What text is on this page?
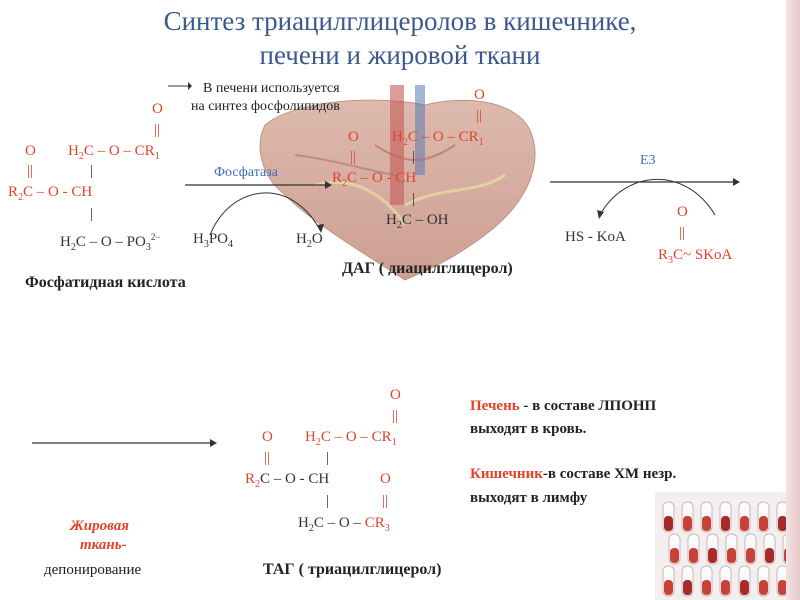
Синтез триацилглицеролов в кишечнике,
печени и жировой ткани
В печени используется
на синтез фосфолипидов
O
||
O $H_2C$ – O – $CR_1$
||	|
$R_2C$ – O - CH
|
$H_2C$ – O – $PO_3^{2-}$
Фосфатидная кислота
Фосфатаза
$H_3PO_4$	$H_2O$
O
||
O $H_2C$ – O – $CR_1$
||	|
$R_2C$ – O - CH
|
$H_2C$ – OH
ДАГ ( диацилглицерол)
E3
HS - KoA
O
||
$R_3C\sim$ SKoA
O
||
O $H_2C$ – O – $CR_1$
||	|
$R_2C$ – O - CH	O
|	||
$H_2C$ – O – $CR_3$
ТАГ ( триацилглицерол)
Печень - в составе ЛПОНП
выходят в кровь.
Кишечник-в составе ХМ незр.
выходят в лимфу
Жировая
ткань-
депонирование
